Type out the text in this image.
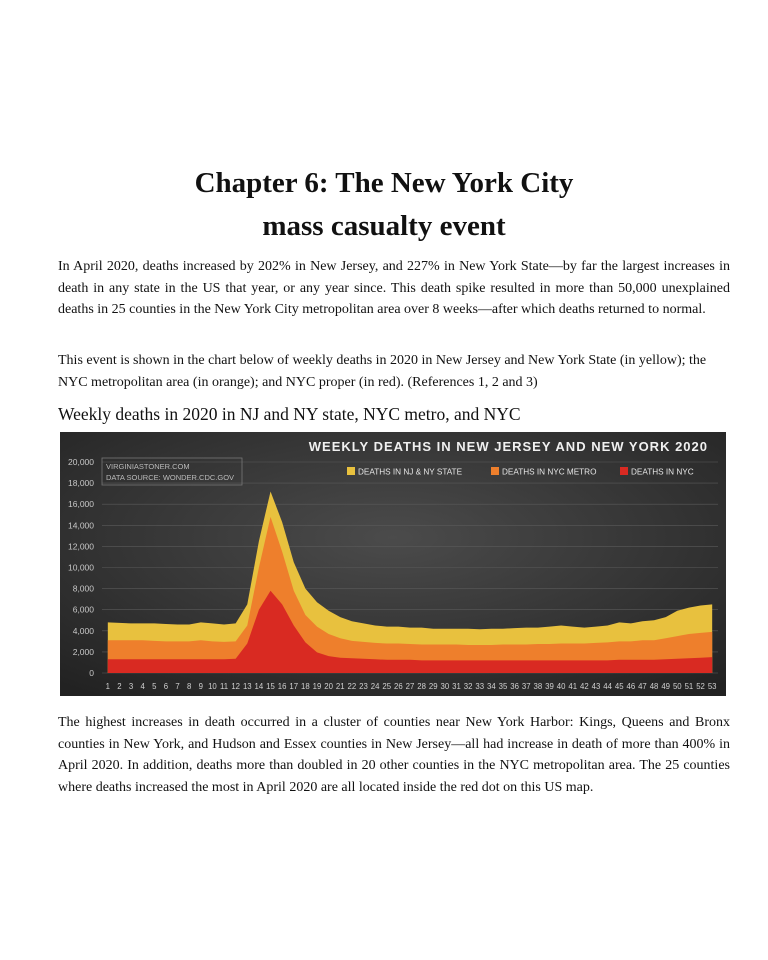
Chapter 6: The New York City
mass casualty event

In April 2020, deaths increased by 202% in New Jersey, and 227% in New York State—by far the largest increases in death in any state in the US that year, or any year since. This death spike resulted in more than 50,000 unexplained deaths in 25 counties in the New York City metropolitan area over 8 weeks—after which deaths returned to normal.

This event is shown in the chart below of weekly deaths in 2020 in New Jersey and New York State (in yellow); the NYC metropolitan area (in orange); and NYC proper (in red). (References 1, 2 and 3)

Weekly deaths in 2020 in NJ and NY state, NYC metro, and NYC
0
2,000
4,000
6,000
8,000
10,000
12,000
14,000
16,000
18,000
20,000
1 2 3 4 5 6 7 8 9 10 11 12 13 14 15 16 17 18 19 20 21 22 23 24 25 26 27 28 29 30 31 32 33 34 35 36 37 38 39 40 41 42 43 44 45 46 47 48 49 50 51 52 53
VIRGINIASTONER.COM
DATA SOURCE: WONDER.CDC.GOV
WEEKLY DEATHS IN NEW JERSEY AND NEW YORK 2020
DEATHS IN NJ & NY STATE	DEATHS IN NYC METRO	DEATHS IN NYC

The highest increases in death occurred in a cluster of counties near New York Harbor: Kings, Queens and Bronx counties in New York, and Hudson and Essex counties in New Jersey—all had increase in death of more than 400% in April 2020. In addition, deaths more than doubled in 20 other counties in the NYC metropolitan area. The 25 counties where deaths increased the most in April 2020 are all located inside the red dot on this US map.
